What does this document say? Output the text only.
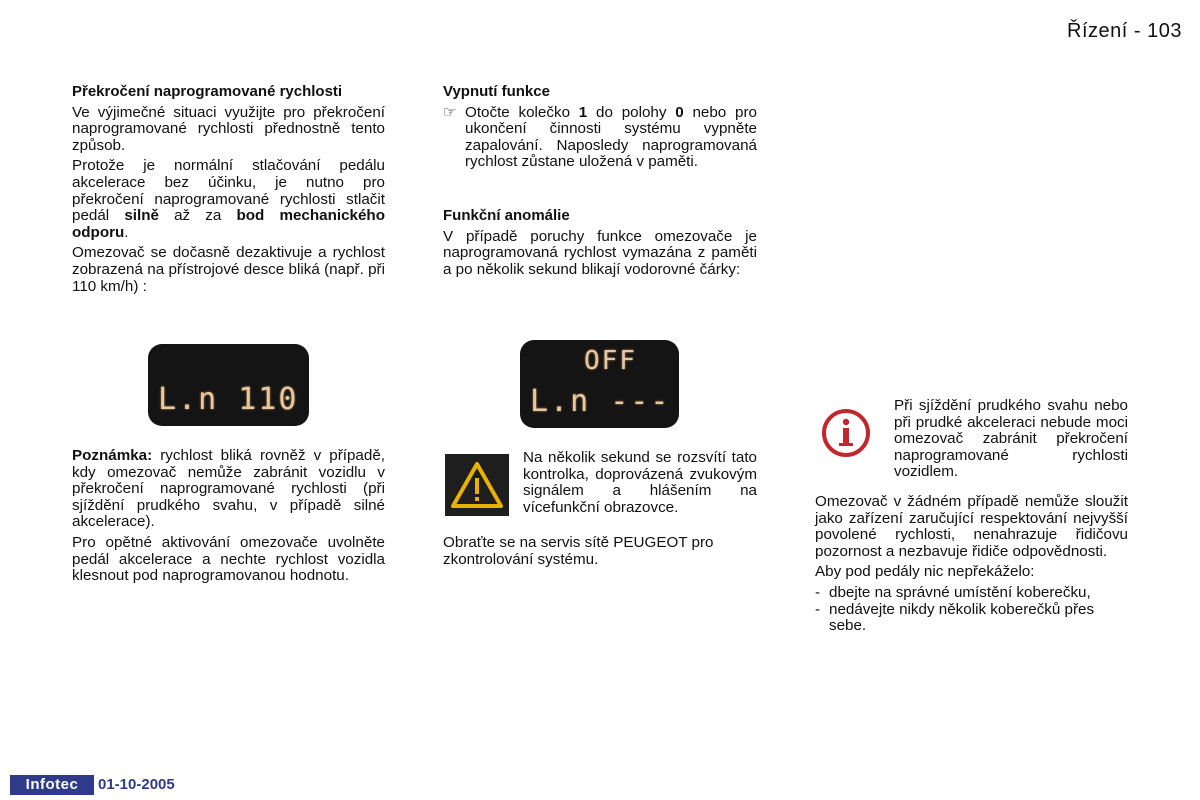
Řízení - 103
Překročení naprogramované rychlosti

Ve výjimečné situaci využijte pro překročení naprogramované rychlosti přednostně tento způsob.

Protože je normální stlačování pedálu akcelerace bez účinku, je nutno pro překročení naprogramované rychlosti stlačit pedál silně až za bod mechanického odporu.

Omezovač se dočasně dezaktivuje a rychlost zobrazená na přístrojové desce bliká (např. při 110 km/h) :

L.n 110

Poznámka: rychlost bliká rovněž v případě, kdy omezovač nemůže zabránit vozidlu v překročení naprogramované rychlosti (při sjíždění prudkého svahu, v případě silné akcelerace).

Pro opětné aktivování omezovače uvolněte pedál akcelerace a nechte rychlost vozidla klesnout pod naprogramovanou hodnotu.

Vypnutí funkce
☞ Otočte kolečko 1 do polohy 0 nebo pro ukončení činnosti systému vypněte zapalování. Naposledy naprogramovaná rychlost zůstane uložená v paměti.
Funkční anomálie

V případě poruchy funkce omezovače je naprogramovaná rychlost vymazána z paměti a po několik sekund blikají vodorovné čárky:

OFF
L.n ---
Na několik sekund se rozsvítí tato kontrolka, doprovázená zvukovým signálem a hlášením na vícefunkční obrazovce.
Obraťte se na servis sítě PEUGEOT pro zkontrolování systému.
Při sjíždění prudkého svahu nebo při prudké akceleraci nebude moci omezovač zabránit překročení naprogramované rychlosti vozidlem.

Omezovač v žádném případě nemůže sloužit jako zařízení zaručující respektování nejvyšší povolené rychlosti, nenahrazuje řidičovu pozornost a nezbavuje řidiče odpovědnosti.

Aby pod pedály nic nepřekáželo:

- dbejte na správné umístění koberečku,
- nedávejte nikdy několik koberečků přes sebe.
Infotec	01-10-2005
